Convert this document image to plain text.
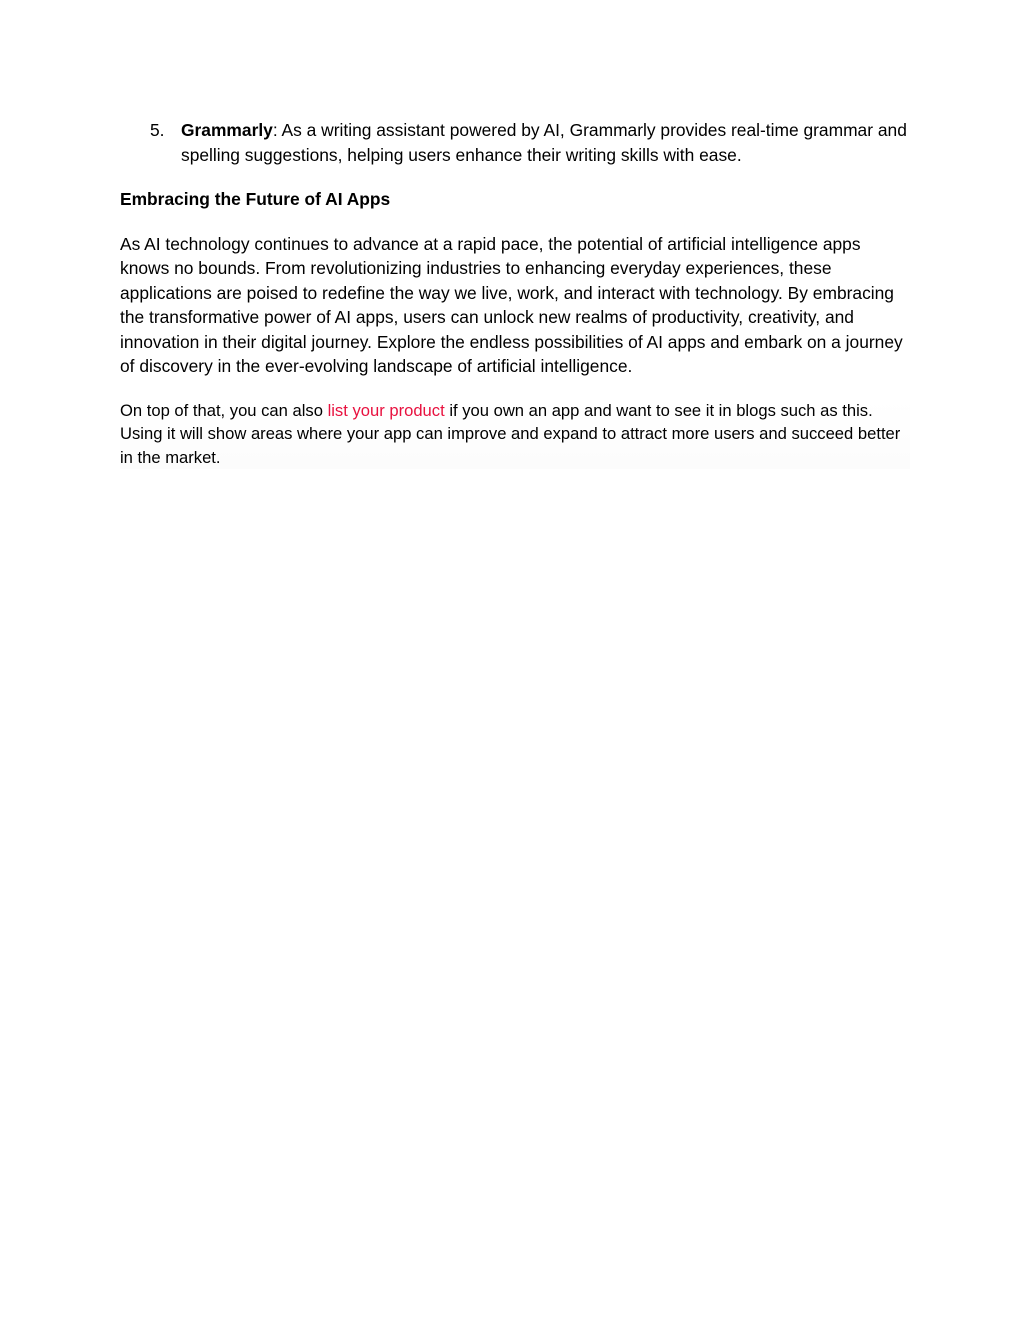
5. Grammarly: As a writing assistant powered by AI, Grammarly provides real-time grammar and spelling suggestions, helping users enhance their writing skills with ease.
Embracing the Future of AI Apps

As AI technology continues to advance at a rapid pace, the potential of artificial intelligence apps knows no bounds. From revolutionizing industries to enhancing everyday experiences, these applications are poised to redefine the way we live, work, and interact with technology. By embracing the transformative power of AI apps, users can unlock new realms of productivity, creativity, and innovation in their digital journey. Explore the endless possibilities of AI apps and embark on a journey of discovery in the ever-evolving landscape of artificial intelligence.

On top of that, you can also list your product if you own an app and want to see it in blogs such as this. Using it will show areas where your app can improve and expand to attract more users and succeed better in the market.
